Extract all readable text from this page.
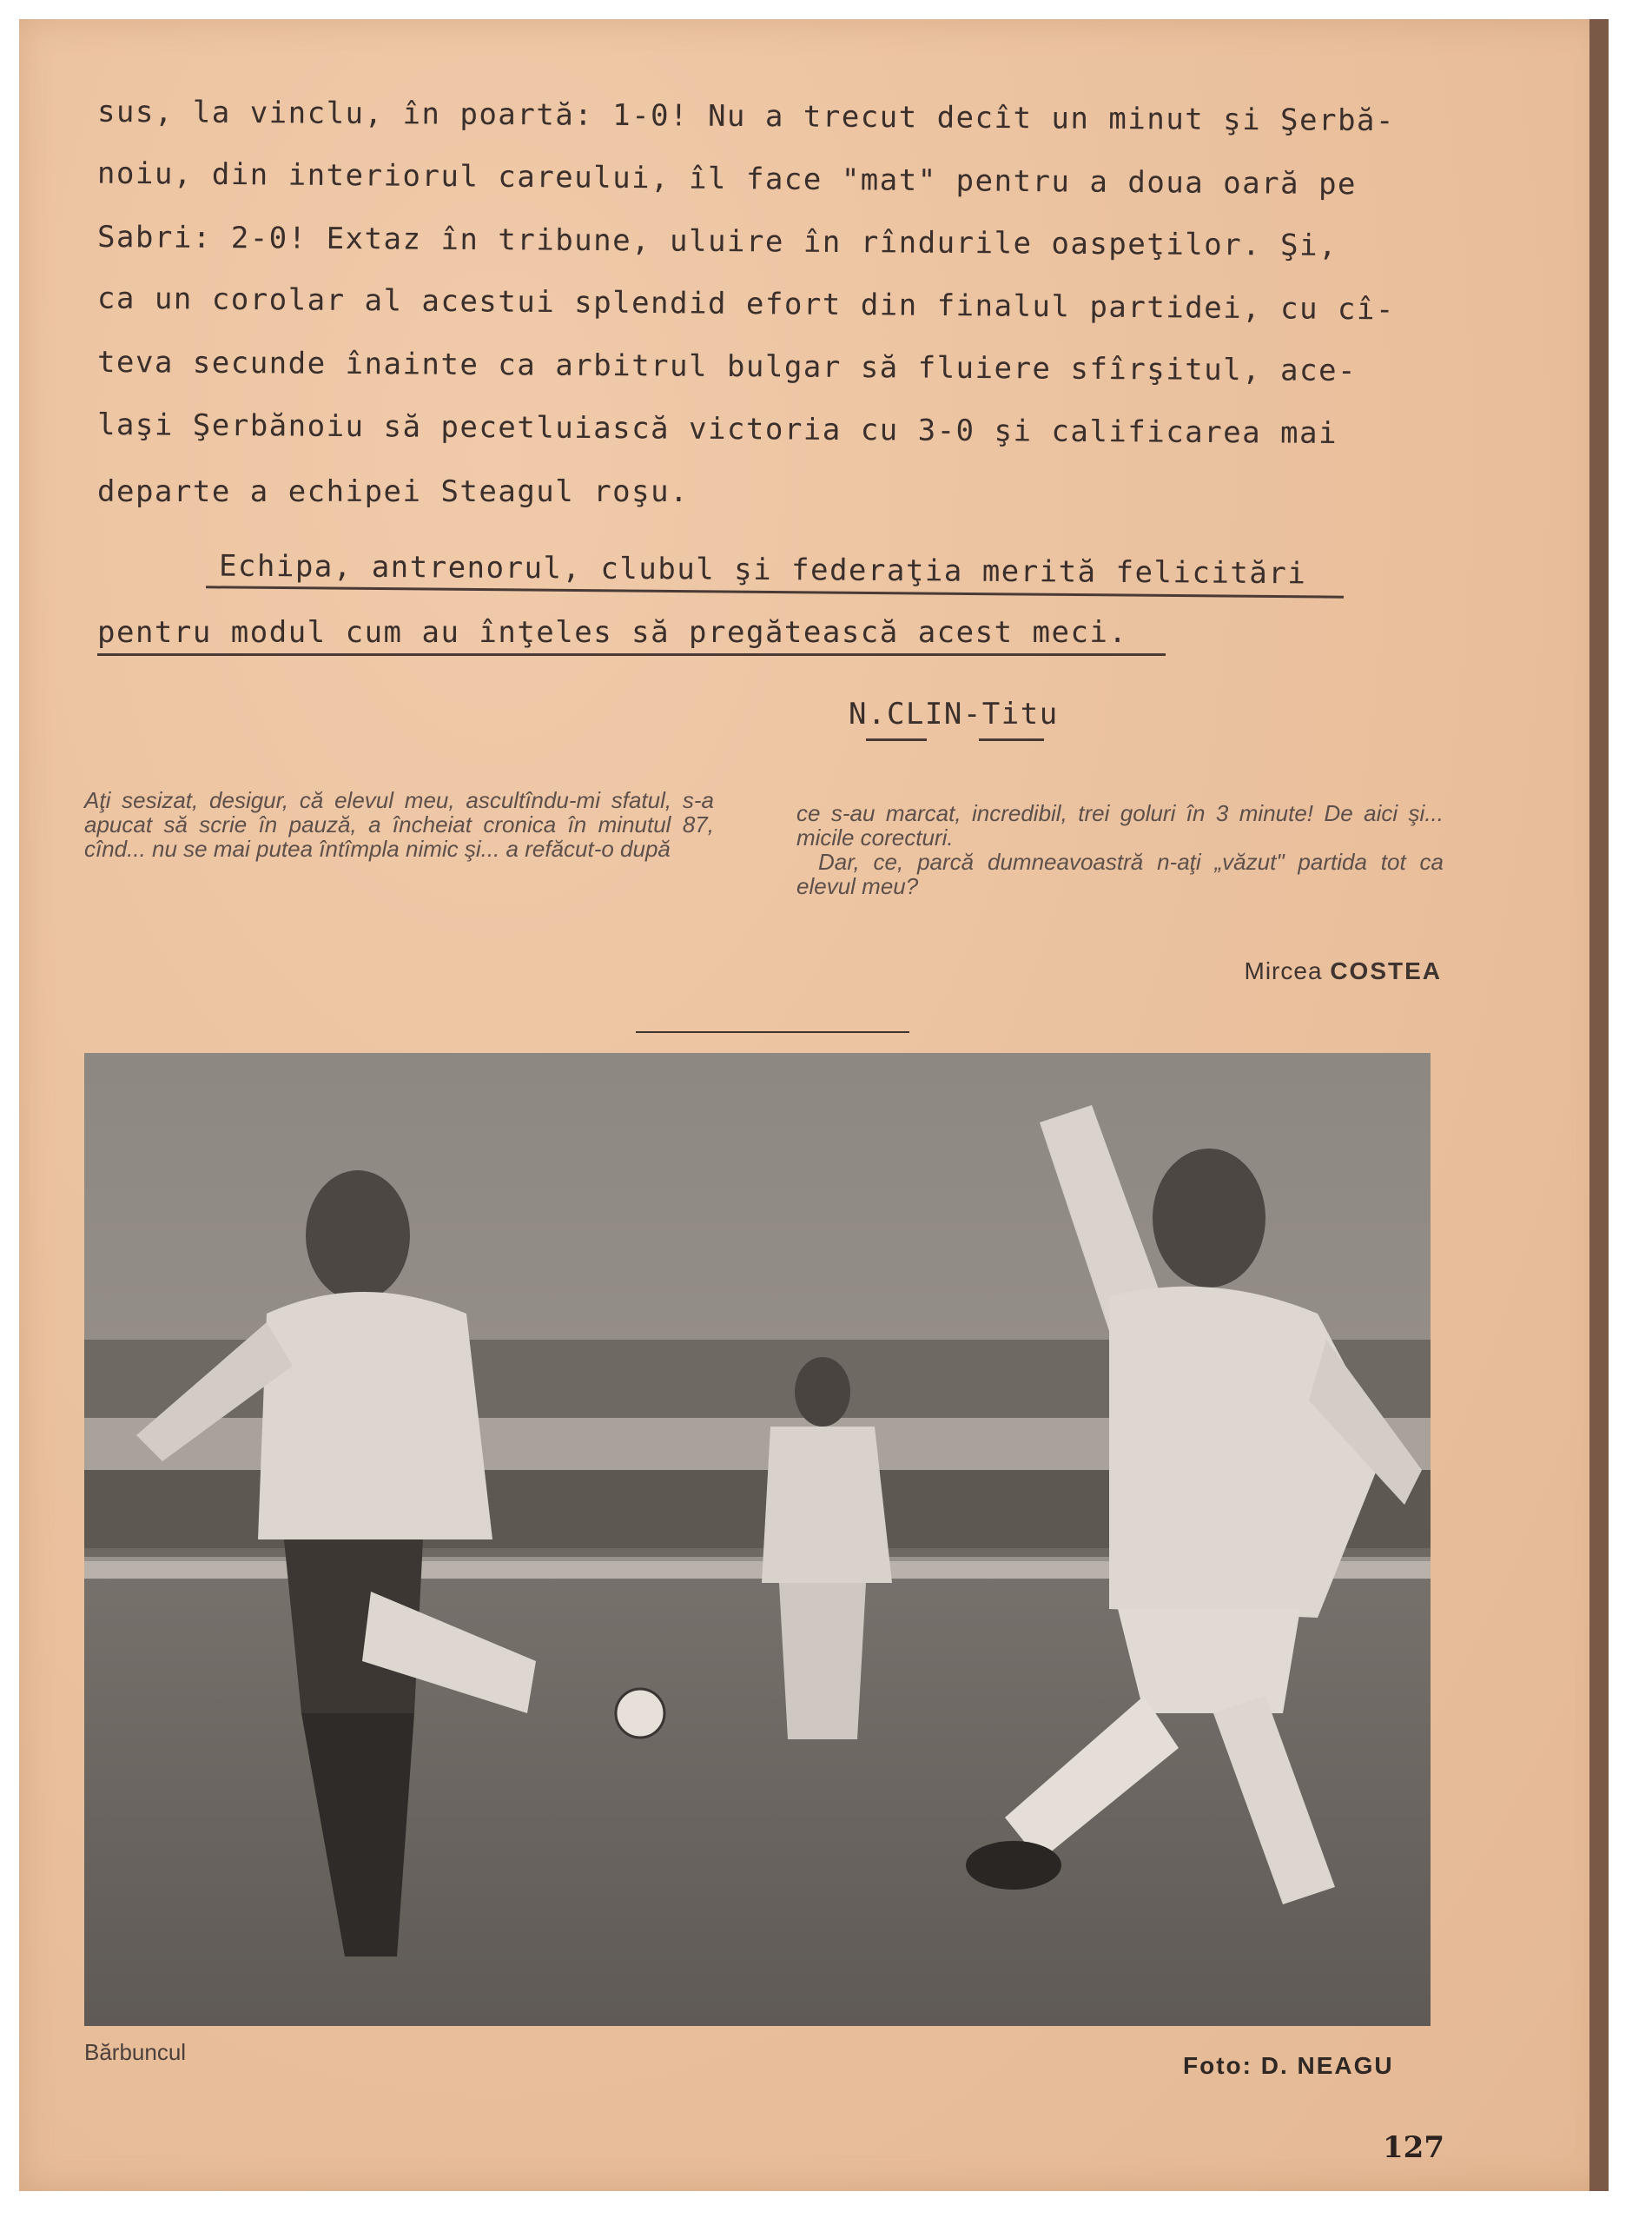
sus, la vinclu, în poartă: 1-0! Nu a trecut decît un minut şi Şerbă-
noiu, din interiorul careului, îl face "mat" pentru a doua oară pe
Sabri: 2-0! Extaz în tribune, uluire în rîndurile oaspeţilor. Şi,
ca un corolar al acestui splendid efort din finalul partidei, cu cî-
teva secunde înainte ca arbitrul bulgar să fluiere sfîrşitul, ace-
laşi Şerbănoiu să pecetluiască victoria cu 3-0 şi calificarea mai
departe a echipei Steagul roşu.
Echipa, antrenorul, clubul şi federaţia merită felicitări
pentru modul cum au înţeles să pregătească acest meci.
N.CLIN-Titu

Aţi sesizat, desigur, că elevul meu, ascultîndu-mi sfatul, s-a apucat să scrie în pauză, a încheiat cronica în minutul 87, cînd... nu se mai putea întîmpla nimic şi... a refăcut-o după

ce s-au marcat, incredibil, trei goluri în 3 minute! De aici şi... micile corecturi.

Dar, ce, parcă dumneavoastră n-aţi „văzut" partida tot ca elevul meu?

Mircea COSTEA
Bărbuncul	Foto: D. NEAGU
127
